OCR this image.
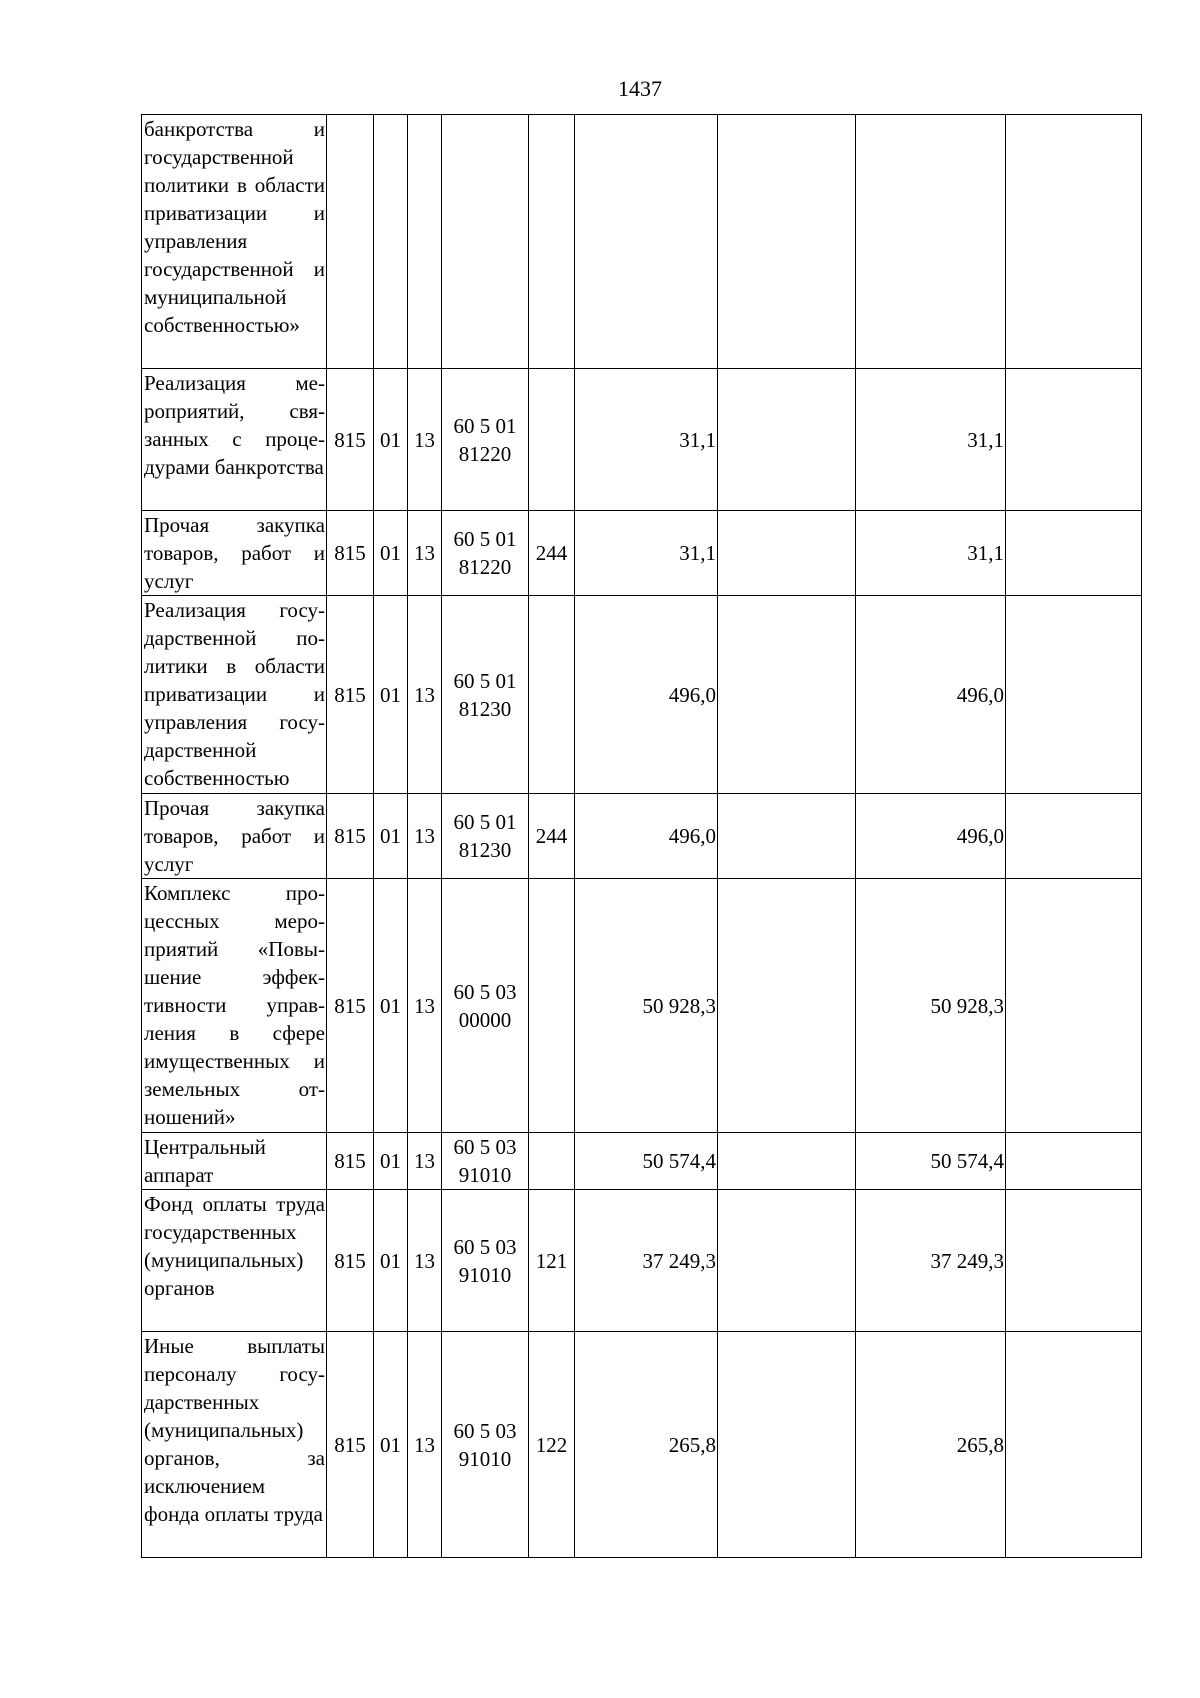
1437
банкротства и государственной политики в области приватизации и управления государственной и муниципальной собственностью»									
Реализация мероприятий, связанных с процедурами банкротства	815	01	13	60 5 01 81220		31,1		31,1	
Прочая закупка товаров, работ и услуг	815	01	13	60 5 01 81220	244	31,1		31,1	
Реализация государственной политики в области приватизации и управления государственной собственностью	815	01	13	60 5 01 81230		496,0		496,0	
Прочая закупка товаров, работ и услуг	815	01	13	60 5 01 81230	244	496,0		496,0	
Комплекс процессных мероприятий «Повышение эффективности управления в сфере имущественных и земельных отношений»	815	01	13	60 5 03 00000		50 928,3		50 928,3	
Центральный аппарат	815	01	13	60 5 03 91010		50 574,4		50 574,4	
Фонд оплаты труда государственных (муниципальных) органов	815	01	13	60 5 03 91010	121	37 249,3		37 249,3	
Иные выплаты персоналу государственных (муниципальных) органов, за исключением фонда оплаты труда	815	01	13	60 5 03 91010	122	265,8		265,8	
